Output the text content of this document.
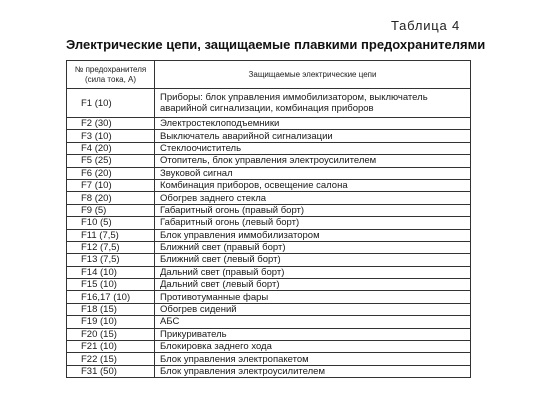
Таблица 4
Электрические цепи, защищаемые плавкими предохранителями
№ предохранителя
(сила тока, А)	Защищаемые электрические цепи
F1 (10)	Приборы: блок управления иммобилизатором, выключатель
аварийной сигнализации, комбинация приборов

F2 (30)	Электростеклоподъемники
F3 (10)	Выключатель аварийной сигнализации
F4 (20)	Стеклоочиститель
F5 (25)	Отопитель, блок управления электроусилителем
F6 (20)	Звуковой сигнал
F7 (10)	Комбинация приборов, освещение салона
F8 (20)	Обогрев заднего стекла
F9 (5)	Габаритный огонь (правый борт)
F10 (5)	Габаритный огонь (левый борт)
F11 (7,5)	Блок управления иммобилизатором
F12 (7,5)	Ближний свет (правый борт)
F13 (7,5)	Ближний свет (левый борт)
F14 (10)	Дальний свет (правый борт)
F15 (10)	Дальний свет (левый борт)
F16,17 (10)	Противотуманные фары
F18 (15)	Обогрев сидений
F19 (10)	АБС
F20 (15)	Прикуриватель
F21 (10)	Блокировка заднего хода
F22 (15)	Блок управления электропакетом
F31 (50)	Блок управления электроусилителем
